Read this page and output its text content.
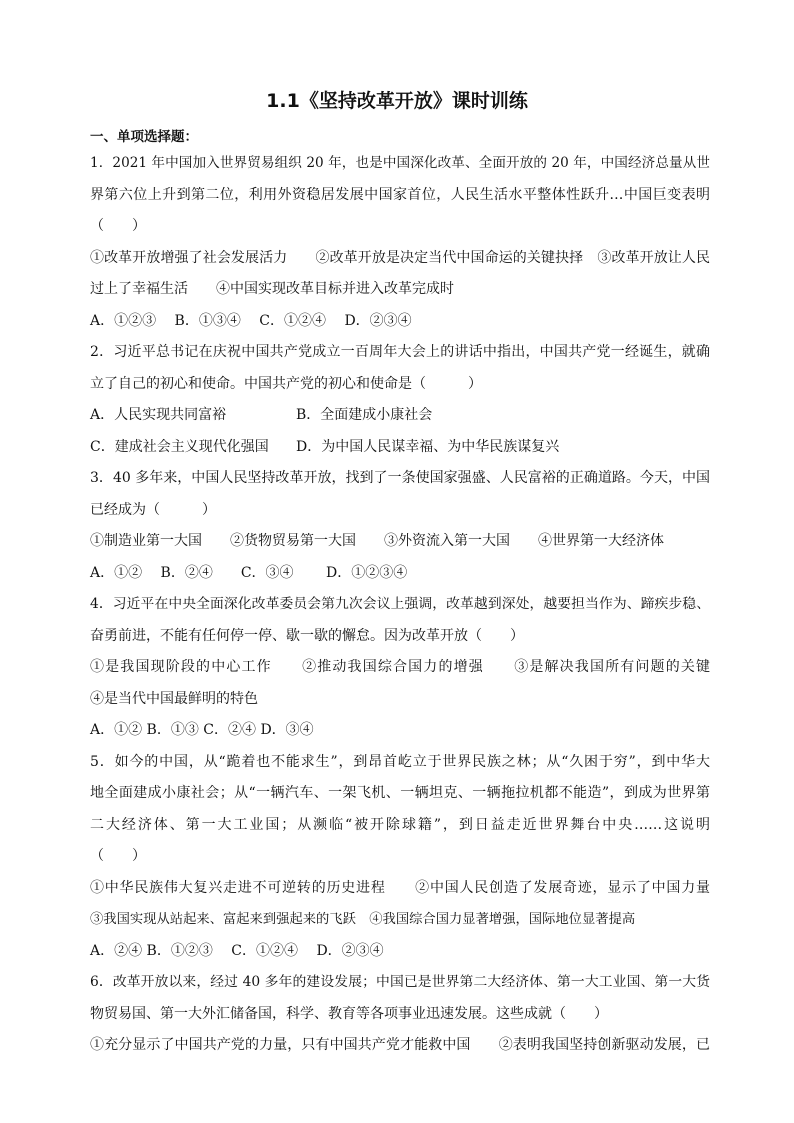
1.1《坚持改革开放》课时训练
一、单项选择题：
1．2021 年中国加入世界贸易组织 20 年，也是中国深化改革、全面开放的 20 年，中国经济总量从世
界第六位上升到第二位，利用外资稳居发展中国家首位，人民生活水平整体性跃升…中国巨变表明
（　　）
①改革开放增强了社会发展活力　　②改革开放是决定当代中国命运的关键抉择　③改革开放让人民
过上了幸福生活　　④中国实现改革目标并进入改革完成时
A．①②③　 B．①③④　 C．①②④　 D．②③④
2．习近平总书记在庆祝中国共产党成立一百周年大会上的讲话中指出，中国共产党一经诞生，就确
立了自己的初心和使命。中国共产党的初心和使命是（　　　）
A．人民实现共同富裕	B．全面建成小康社会
C．建成社会主义现代化强国 D．为中国人民谋幸福、为中华民族谋复兴
3．40 多年来，中国人民坚持改革开放，找到了一条使国家强盛、人民富裕的正确道路。今天，中国
已经成为（　　　）
①制造业第一大国　　②货物贸易第一大国　　③外资流入第一大国　　④世界第一大经济体
A．①②　 B．②④　　C．③④　　 D．①②③④
4．习近平在中央全面深化改革委员会第九次会议上强调，改革越到深处，越要担当作为、蹄疾步稳、
奋勇前进，不能有任何停一停、歇一歇的懈怠。因为改革开放（　　）
①是我国现阶段的中心工作　　②推动我国综合国力的增强　　③是解决我国所有问题的关键
④是当代中国最鲜明的特色
A．①② B．①③ C．②④ D．③④
5．如今的中国，从“跪着也不能求生”，到昂首屹立于世界民族之林；从“久困于穷”，到中华大
地全面建成小康社会；从“一辆汽车、一架飞机、一辆坦克、一辆拖拉机都不能造”，到成为世界第
二大经济体、第一大工业国；从濒临“被开除球籍”，到日益走近世界舞台中央……这说明
（　　）
①中华民族伟大复兴走进不可逆转的历史进程　　②中国人民创造了发展奇迹，显示了中国力量
③我国实现从站起来、富起来到强起来的飞跃　④我国综合国力显著增强，国际地位显著提高
A．②④ B．①②③　 C．①②④　 D．②③④
6．改革开放以来，经过 40 多年的建设发展；中国已是世界第二大经济体、第一大工业国、第一大货
物贸易国、第一大外汇储备国，科学、教育等各项事业迅速发展。这些成就（　　）
①充分显示了中国共产党的力量，只有中国共产党才能救中国　　②表明我国坚持创新驱动发展，已
